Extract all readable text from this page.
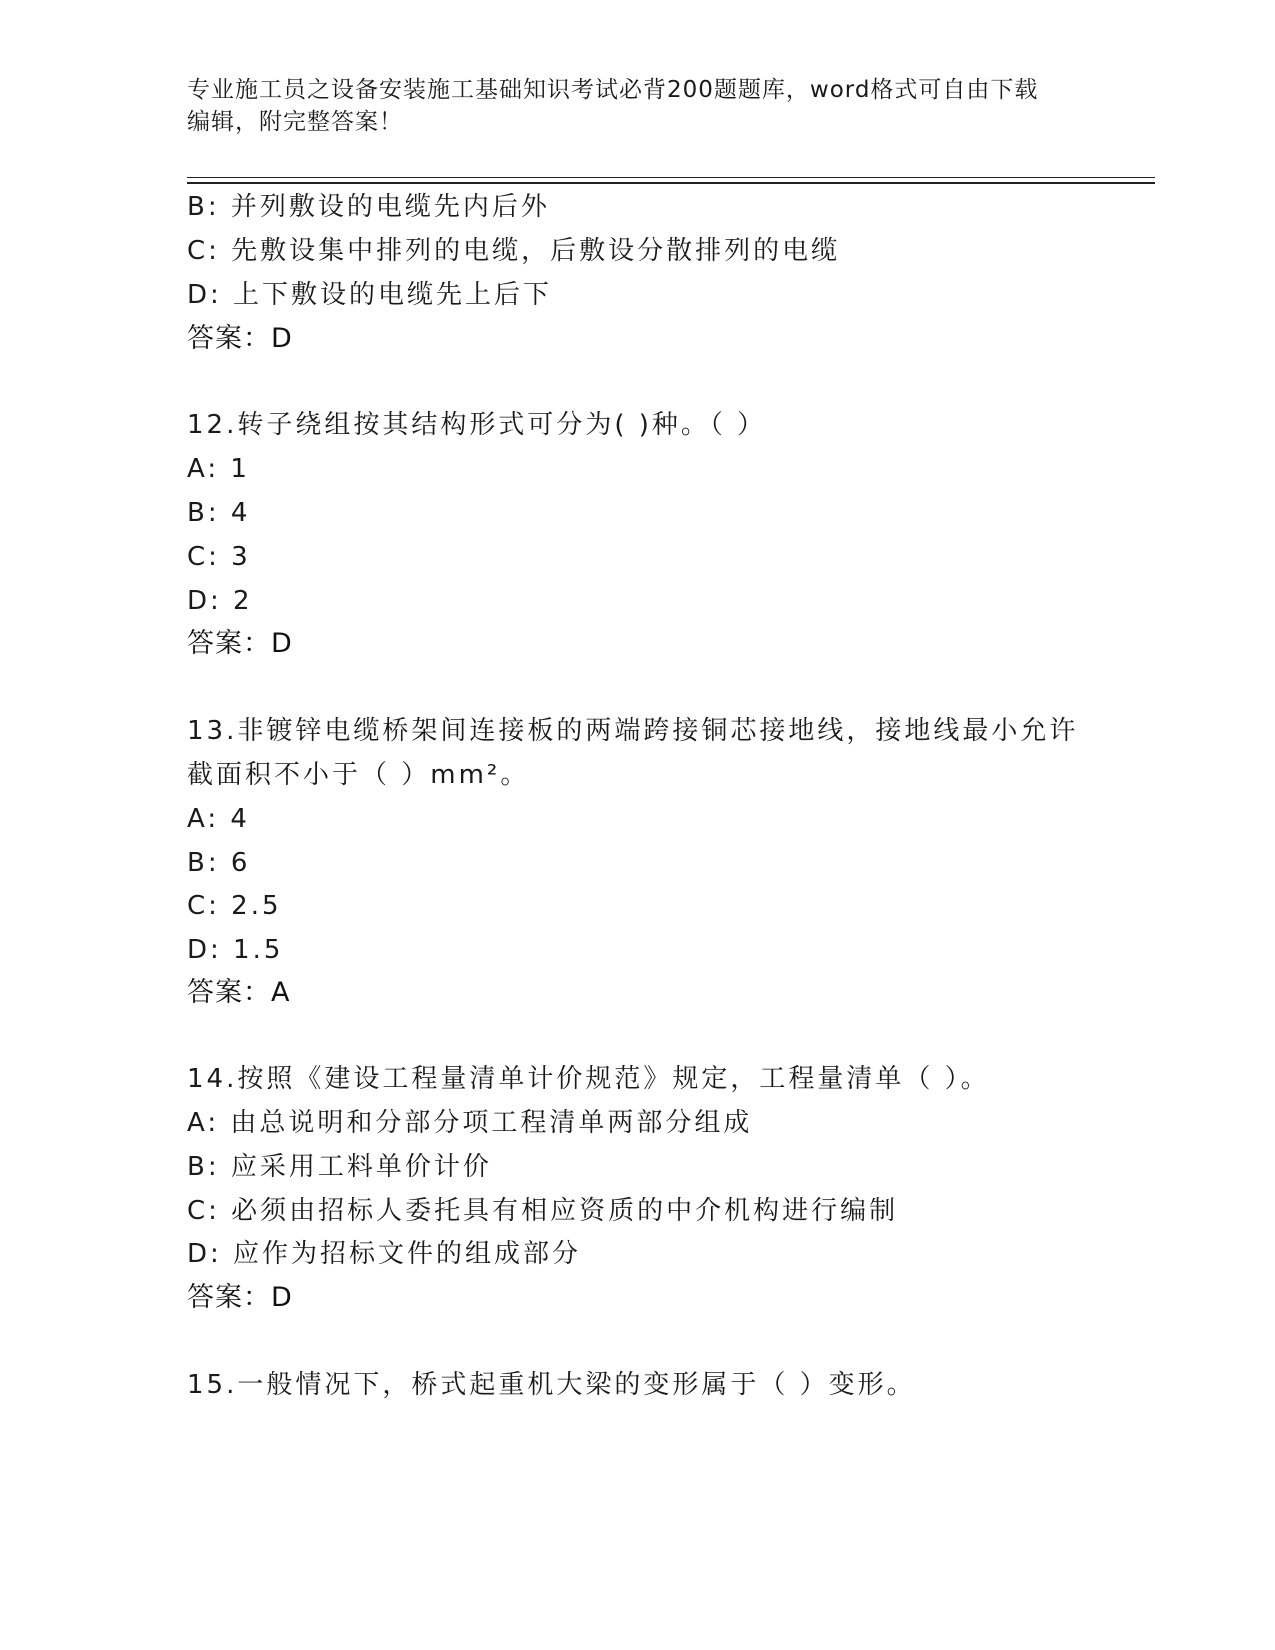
专业施工员之设备安装施工基础知识考试必背200题题库，word格式可自由下载
编辑，附完整答案！
B: 并列敷设的电缆先内后外
C: 先敷设集中排列的电缆，后敷设分散排列的电缆
D: 上下敷设的电缆先上后下
答案：D
12.转子绕组按其结构形式可分为( )种。（ ）
A: 1
B: 4
C: 3
D: 2
答案：D
13.非镀锌电缆桥架间连接板的两端跨接铜芯接地线，接地线最小允许
截面积不小于（ ）mm²。
A: 4
B: 6
C: 2.5
D: 1.5
答案：A
14.按照《建设工程量清单计价规范》规定，工程量清单（ ）。
A: 由总说明和分部分项工程清单两部分组成
B: 应采用工料单价计价
C: 必须由招标人委托具有相应资质的中介机构进行编制
D: 应作为招标文件的组成部分
答案：D
15.一般情况下，桥式起重机大梁的变形属于（ ）变形。
